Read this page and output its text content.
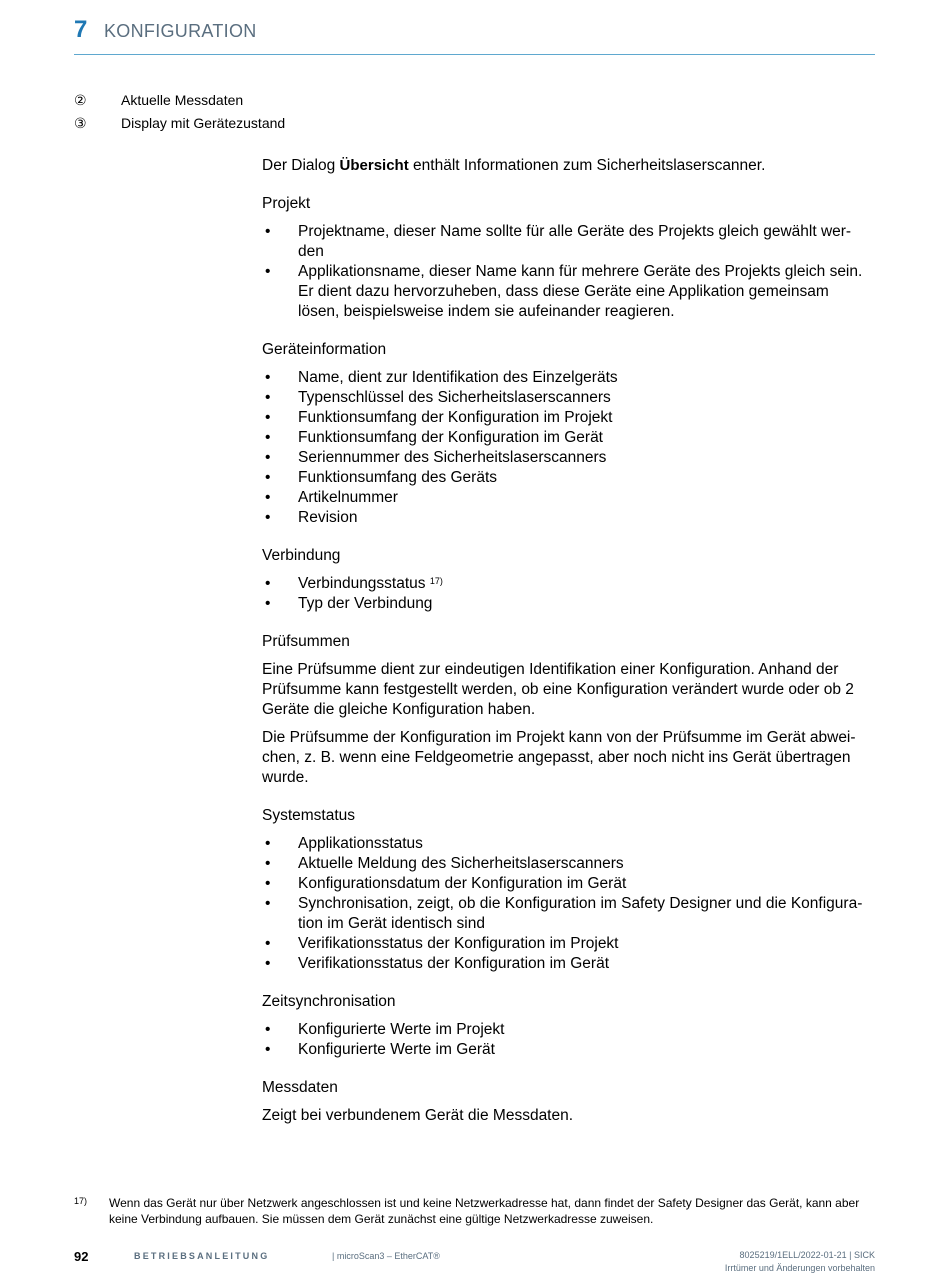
7 KONFIGURATION
②	Aktuelle Messdaten
③	Display mit Gerätezustand

Der Dialog Übersicht enthält Informationen zum Sicherheitslaserscanner.

Projekt

• Projektname, dieser Name sollte für alle Geräte des Projekts gleich gewählt wer-den
• Applikationsname, dieser Name kann für mehrere Geräte des Projekts gleich sein. Er dient dazu hervorzuheben, dass diese Geräte eine Applikation gemeinsam lösen, beispielsweise indem sie aufeinander reagieren.

Geräteinformation

• Name, dient zur Identifikation des Einzelgeräts
• Typenschlüssel des Sicherheitslaserscanners
• Funktionsumfang der Konfiguration im Projekt
• Funktionsumfang der Konfiguration im Gerät
• Seriennummer des Sicherheitslaserscanners
• Funktionsumfang des Geräts
• Artikelnummer
• Revision

Verbindung

• Verbindungsstatus $^{17)}$
• Typ der Verbindung

Prüfsummen

Eine Prüfsumme dient zur eindeutigen Identifikation einer Konfiguration. Anhand der Prüfsumme kann festgestellt werden, ob eine Konfiguration verändert wurde oder ob 2 Geräte die gleiche Konfiguration haben.

Die Prüfsumme der Konfiguration im Projekt kann von der Prüfsumme im Gerät abwei-chen, z. B. wenn eine Feldgeometrie angepasst, aber noch nicht ins Gerät übertragen wurde.

Systemstatus

• Applikationsstatus
• Aktuelle Meldung des Sicherheitslaserscanners
• Konfigurationsdatum der Konfiguration im Gerät
• Synchronisation, zeigt, ob die Konfiguration im Safety Designer und die Konfigura-tion im Gerät identisch sind
• Verifikationsstatus der Konfiguration im Projekt
• Verifikationsstatus der Konfiguration im Gerät

Zeitsynchronisation

• Konfigurierte Werte im Projekt
• Konfigurierte Werte im Gerät

Messdaten

Zeigt bei verbundenem Gerät die Messdaten.

17) Wenn das Gerät nur über Netzwerk angeschlossen ist und keine Netzwerkadresse hat, dann findet der Safety Designer das Gerät, kann aber keine Verbindung aufbauen. Sie müssen dem Gerät zunächst eine gültige Netzwerkadresse zuweisen.
92	BETRIEBSANLEITUNG	| microScan3 – EtherCAT®	8025219/1ELL/2022-01-21 | SICK
Irrtümer und Änderungen vorbehalten
